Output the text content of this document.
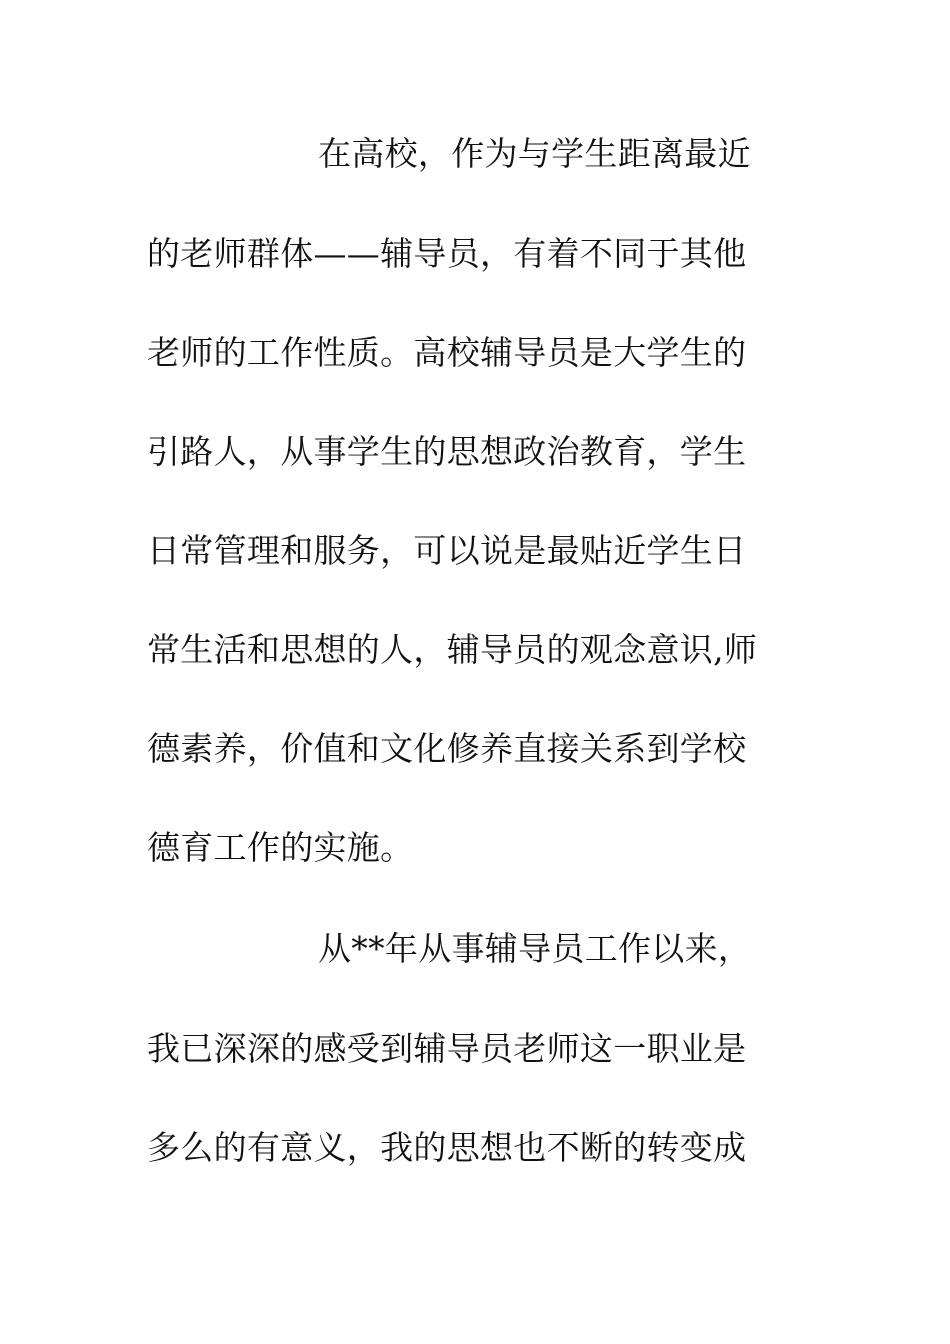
在高校，作为与学生距离最近
的老师群体——辅导员，有着不同于其他
老师的工作性质。高校辅导员是大学生的
引路人，从事学生的思想政治教育，学生
日常管理和服务，可以说是最贴近学生日
常生活和思想的人，辅导员的观念意识,师
德素养，价值和文化修养直接关系到学校
德育工作的实施。
从**年从事辅导员工作以来，
我已深深的感受到辅导员老师这一职业是
多么的有意义，我的思想也不断的转变成
